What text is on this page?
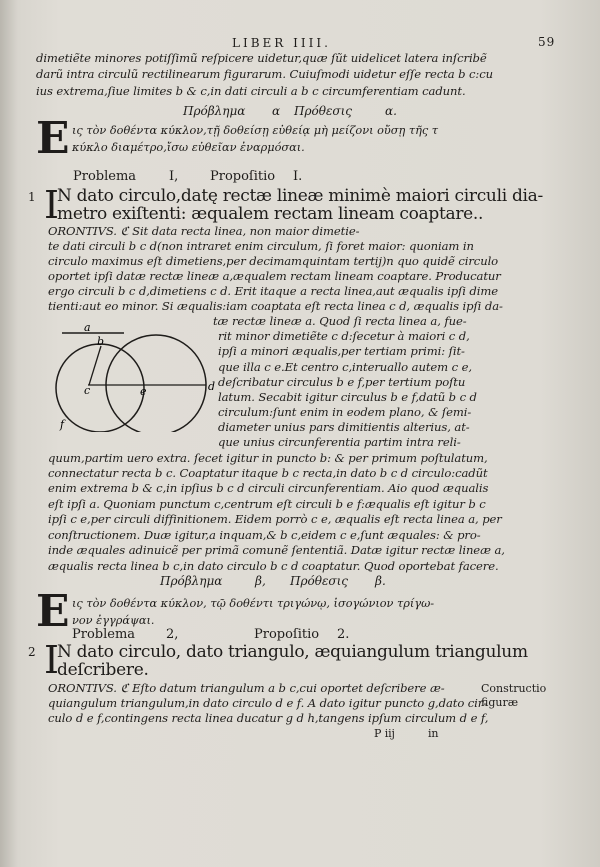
LIBER IIII.	59
dimetiẽte minores potiſſimũ reſpicere uidetur,quæ ſũt uidelicet latera inſcribẽ
darũ intra circulũ rectilinearum figurarum. Cuiuſmodi uidetur eſſe recta b c:cu
ius extrema,ſiue limites b & c,in dati circuli a b c circumferentiam cadunt.
Πρόβλημα α Πρόθεσις	α.
Ε ις τὸν δοθέντα κύκλον,τῇ δοθείσῃ εὐθείᾳ μὴ μείζονι οὔσῃ τῆς τ
κύκλο διαμέτρο,ἴσω εὐθεῖαν ἐναρμόσαι.
Problema	I, Propoſitio I.
1 I
N dato circulo,datę rectæ lineæ minimè maiori circuli dia-
metro exiſtenti: æqualem rectam lineam coaptare..
ORONTIVS. ℭ Sit data recta linea, non maior dimetie-
te dati circuli b c d(non intraret enim circulum, ſi foret maior: quoniam in
circulo maximus eſt dimetiens,per decimamquintam tertij)n quo quidẽ circulo
oportet ipſi datæ rectæ lineæ a,æqualem rectam lineam coaptare. Producatur
ergo circuli b c d,dimetiens c d. Erit itaque a recta linea,aut æqualis ipſi dime
tienti:aut eo minor. Si æqualis:iam coaptata eſt recta linea c d, æqualis ipſi da-
tæ rectæ lineæ a. Quod ſi recta linea a, fue-
rit minor dimetiẽte c d:ſecetur à maiori c d,
ipſi a minori æqualis,per tertiam primi: ſit-
que illa c e.Et centro c,interuallo autem c e,
deſcribatur circulus b e f,per tertium poſtu
latum. Secabit igitur circulus b e f,datũ b c d
circulum:ſunt enim in eodem plano, & ſemi-
diameter unius pars dimitientis alterius, at-
que unius circunferentia partim intra reli-
a
b
c	e	d
f
quum,partim uero extra. ſecet igitur in puncto b: & per primum poſtulatum,
connectatur recta b c. Coaptatur itaque b c recta,in dato b c d circulo:cadũt
enim extrema b & c,in ipſius b c d circuli circunferentiam. Aio quod æqualis
eſt ipſi a. Quoniam punctum c,centrum eſt circuli b e f:æqualis eſt igitur b c
ipſi c e,per circuli diffinitionem. Eidem porrò c e, æqualis eſt recta linea a, per
conſtructionem. Duæ igitur,a inquam,& b c,eidem c e,ſunt æquales: & pro-
inde æquales adinuicẽ per primã comunẽ ſententiã. Datæ igitur rectæ lineæ a,
æqualis recta linea b c,in dato circulo b c d coaptatur. Quod oportebat facere.
Πρόβλημα	β, Πρόθεσις β.
Ε ις τὸν δοθέντα κύκλον, τῷ δοθέντι τριγώνῳ, ἰσογώνιον τρίγω-
νον ἐγγράψαι.
Problema 2,	Propoſitio 2.
2 I
N dato circulo, dato triangulo, æquiangulum triangulum
deſcribere.
ORONTIVS. ℭ Eſto datum triangulum a b c,cui oportet deſcribere æ-
quiangulum triangulum,in dato circulo d e f. A dato igitur puncto g,dato cir-
culo d e f,contingens recta linea ducatur g d h,tangens ipſum circulum d e f,
Constructio
figuræ
P iij	in
